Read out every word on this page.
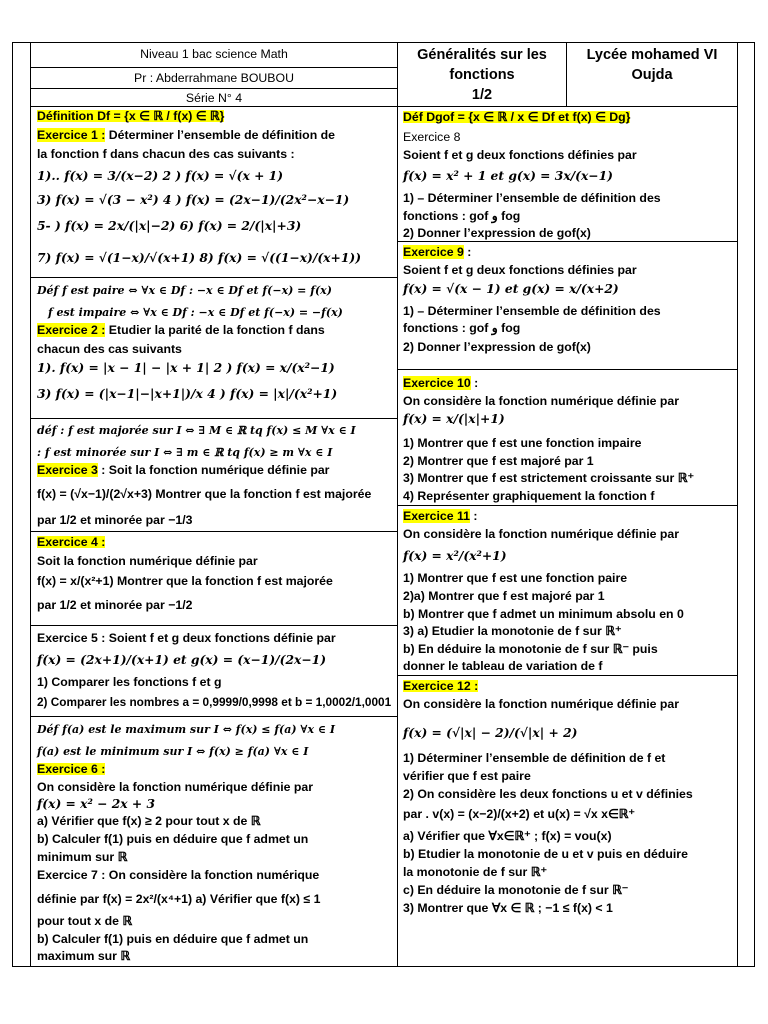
Niveau 1 bac science Math
Pr : Abderrahmane BOUBOU
Série N° 4
Généralités sur les
fonctions
1/2
Lycée mohamed VI
Oujda
Définition Df = {x ∈ ℝ / f(x) ∈ ℝ}
Exercice 1 : Déterminer l’ensemble de définition de
la fonction f dans chacun des cas suivants :
1).. f(x) = 3/(x−2) 2 ) f(x) = √(x + 1)
3) f(x) = √(3 − x²) 4 ) f(x) = (2x−1)/(2x²−x−1)
5- ) f(x) = 2x/(|x|−2) 6) f(x) = 2/(|x|+3)
7) f(x) = √(1−x)/√(x+1) 8) f(x) = √((1−x)/(x+1))
Déf f est paire ⇔ ∀x ∈ Df : −x ∈ Df et f(−x) = f(x)
f est impaire ⇔ ∀x ∈ Df : −x ∈ Df et f(−x) = −f(x)
Exercice 2 : Etudier la parité de la fonction f dans
chacun des cas suivants
1). f(x) = |x − 1| − |x + 1| 2 ) f(x) = x/(x²−1)
3) f(x) = (|x−1|−|x+1|)/x 4 ) f(x) = |x|/(x²+1)
déf : f est majorée sur I ⇔ ∃ M ∈ ℝ tq f(x) ≤ M ∀x ∈ I
: f est minorée sur I ⇔ ∃ m ∈ ℝ tq f(x) ≥ m ∀x ∈ I
Exercice 3 : Soit la fonction numérique définie par
f(x) = (√x−1)/(2√x+3) Montrer que la fonction f est majorée
par 1/2 et minorée par −1/3
Exercice 4 :
Soit la fonction numérique définie par
f(x) = x/(x²+1) Montrer que la fonction f est majorée
par 1/2 et minorée par −1/2
Exercice 5 : Soient f et g deux fonctions définie par
f(x) = (2x+1)/(x+1) et g(x) = (x−1)/(2x−1)
1) Comparer les fonctions f et g
2) Comparer les nombres a = 0,9999/0,9998 et b = 1,0002/1,0001
Déf f(a) est le maximum sur I ⇔ f(x) ≤ f(a) ∀x ∈ I
f(a) est le minimum sur I ⇔ f(x) ≥ f(a) ∀x ∈ I
Exercice 6 :
On considère la fonction numérique définie par
f(x) = x² − 2x + 3
a) Vérifier que f(x) ≥ 2 pour tout x de ℝ
b) Calculer f(1) puis en déduire que f admet un
minimum sur ℝ
Exercice 7 : On considère la fonction numérique
définie par f(x) = 2x²/(x⁴+1) a) Vérifier que f(x) ≤ 1
pour tout x de ℝ
b) Calculer f(1) puis en déduire que f admet un
maximum sur ℝ
Déf Dgof = {x ∈ ℝ / x ∈ Df et f(x) ∈ Dg}
Exercice 8
Soient f et g deux fonctions définies par
f(x) = x² + 1 et g(x) = 3x/(x−1)
1) – Déterminer l’ensemble de définition des
fonctions : gof و fog
2) Donner l’expression de gof(x)
Exercice 9 :
Soient f et g deux fonctions définies par
f(x) = √(x − 1) et g(x) = x/(x+2)
1) – Déterminer l’ensemble de définition des
fonctions : gof و fog
2) Donner l’expression de gof(x)
Exercice 10 :
On considère la fonction numérique définie par
f(x) = x/(|x|+1)
1) Montrer que f est une fonction impaire
2) Montrer que f est majoré par 1
3) Montrer que f est strictement croissante sur ℝ⁺
4) Représenter graphiquement la fonction f
Exercice 11 :
On considère la fonction numérique définie par
f(x) = x²/(x²+1)
1) Montrer que f est une fonction paire
2)a) Montrer que f est majoré par 1
b) Montrer que f admet un minimum absolu en 0
3) a) Etudier la monotonie de f sur ℝ⁺
b) En déduire la monotonie de f sur ℝ⁻ puis
donner le tableau de variation de f
Exercice 12 :
On considère la fonction numérique définie par
f(x) = (√|x| − 2)/(√|x| + 2)
1) Déterminer l’ensemble de définition de f et
vérifier que f est paire
2) On considère les deux fonctions u et v définies
par . v(x) = (x−2)/(x+2) et u(x) = √x x∈ℝ⁺
a) Vérifier que ∀x∈ℝ⁺ ; f(x) = vou(x)
b) Etudier la monotonie de u et v puis en déduire
la monotonie de f sur ℝ⁺
c) En déduire la monotonie de f sur ℝ⁻
3) Montrer que ∀x ∈ ℝ ; −1 ≤ f(x) < 1
